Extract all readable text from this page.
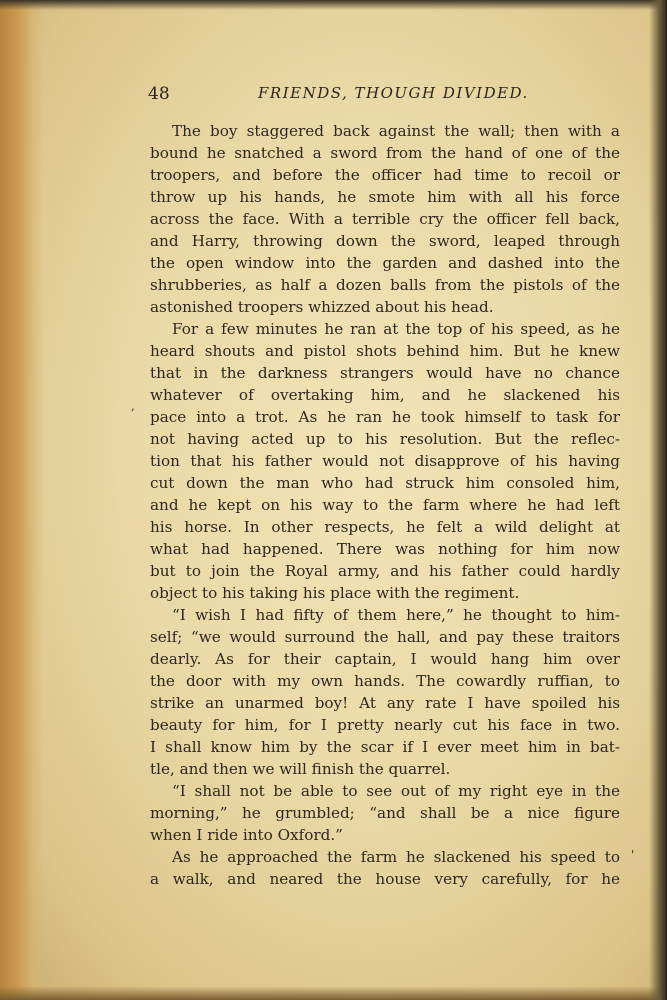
48	FRIENDS, THOUGH DIVIDED.
The boy staggered back against the wall; then with a
bound he snatched a sword from the hand of one of the
troopers, and before the officer had time to recoil or
throw up his hands, he smote him with all his force
across the face. With a terrible cry the officer fell back,
and Harry, throwing down the sword, leaped through
the open window into the garden and dashed into the
shrubberies, as half a dozen balls from the pistols of the
astonished troopers whizzed about his head.
For a few minutes he ran at the top of his speed, as he
heard shouts and pistol shots behind him. But he knew
that in the darkness strangers would have no chance
whatever of overtaking him, and he slackened his
pace into a trot. As he ran he took himself to task for
not having acted up to his resolution. But the reflec-
tion that his father would not disapprove of his having
cut down the man who had struck him consoled him,
and he kept on his way to the farm where he had left
his horse. In other respects, he felt a wild delight at
what had happened. There was nothing for him now
but to join the Royal army, and his father could hardly
object to his taking his place with the regiment.
“I wish I had fifty of them here,” he thought to him-
self; “we would surround the hall, and pay these traitors
dearly. As for their captain, I would hang him over
the door with my own hands. The cowardly ruffian, to
strike an unarmed boy! At any rate I have spoiled his
beauty for him, for I pretty nearly cut his face in two.
I shall know him by the scar if I ever meet him in bat-
tle, and then we will finish the quarrel.
“I shall not be able to see out of my right eye in the
morning,” he grumbled; “and shall be a nice figure
when I ride into Oxford.”
As he approached the farm he slackened his speed to
a walk, and neared the house very carefully, for he
,
'
